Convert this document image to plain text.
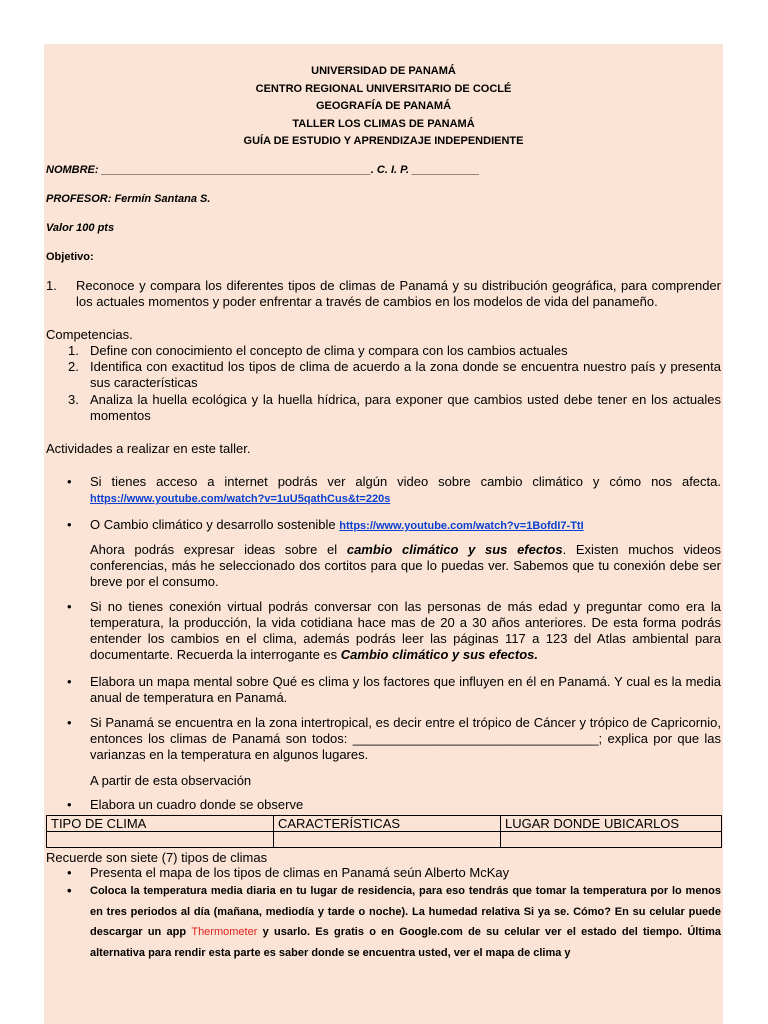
UNIVERSIDAD DE PANAMÁ
CENTRO REGIONAL UNIVERSITARIO DE COCLÉ
GEOGRAFÍA DE PANAMÁ
TALLER LOS CLIMAS DE PANAMÁ
GUÍA DE ESTUDIO Y APRENDIZAJE INDEPENDIENTE
NOMBRE: ____________________________________________. C. I. P. ___________
PROFESOR: Fermín Santana S.
Valor 100 pts
Objetivo:
1. Reconoce y compara los diferentes tipos de climas de Panamá y su distribución geográfica, para comprender los actuales momentos y poder enfrentar a través de cambios en los modelos de vida del panameño.
Competencias.
1. Define con conocimiento el concepto de clima y compara con los cambios actuales
2. Identifica con exactitud los tipos de clima de acuerdo a la zona donde se encuentra nuestro país y presenta sus características
3. Analiza la huella ecológica y la huella hídrica, para exponer que cambios usted debe tener en los actuales momentos
Actividades a realizar en este taller.
• Si tienes acceso a internet podrás ver algún video sobre cambio climático y cómo nos afecta. https://www.youtube.com/watch?v=1uU5qathCus&t=220s
• O Cambio climático y desarrollo sostenible https://www.youtube.com/watch?v=1BofdI7-TtI
Ahora podrás expresar ideas sobre el cambio climático y sus efectos. Existen muchos videos conferencias, más he seleccionado dos cortitos para que lo puedas ver. Sabemos que tu conexión debe ser breve por el consumo.
• Si no tienes conexión virtual podrás conversar con las personas de más edad y preguntar como era la temperatura, la producción, la vida cotidiana hace mas de 20 a 30 años anteriores. De esta forma podrás entender los cambios en el clima, además podrás leer las páginas 117 a 123 del Atlas ambiental para documentarte. Recuerda la interrogante es Cambio climático y sus efectos.
• Elabora un mapa mental sobre Qué es clima y los factores que influyen en él en Panamá. Y cual es la media anual de temperatura en Panamá.
• Si Panamá se encuentra en la zona intertropical, es decir entre el trópico de Cáncer y trópico de Capricornio, entonces los climas de Panamá son todos: __________________________________; explica por que las varianzas en la temperatura en algunos lugares.
A partir de esta observación
• Elabora un cuadro donde se observe
TIPO DE CLIMA	CARACTERÍSTICAS	LUGAR DONDE UBICARLOS

Recuerde son siete (7) tipos de climas
• Presenta el mapa de los tipos de climas en Panamá seún Alberto McKay
• Coloca la temperatura media diaria en tu lugar de residencia, para eso tendrás que tomar la temperatura por lo menos en tres periodos al día (mañana, mediodía y tarde o noche). La humedad relativa Si ya se. Cómo? En su celular puede descargar un app Thermometer y usarlo. Es gratis o en Google.com de su celular ver el estado del tiempo. Última alternativa para rendir esta parte es saber donde se encuentra usted, ver el mapa de clima y
